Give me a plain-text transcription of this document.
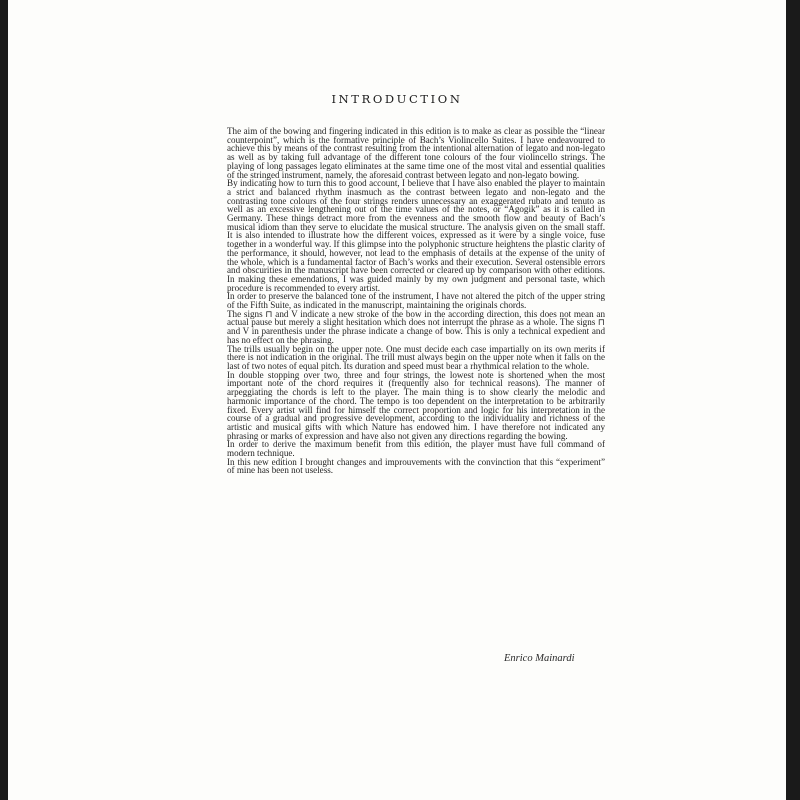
INTRODUCTION

The aim of the bowing and fingering indicated in this edition is to make as clear as possible the “linear counterpoint”, which is the formative principle of Bach’s Violincello Suites. I have endeavoured to achieve this by means of the contrast resulting from the intentional alternation of legato and non-legato as well as by taking full advantage of the different tone colours of the four violincello strings. The playing of long passages legato eliminates at the same time one of the most vital and essential qualities of the stringed instrument, namely, the aforesaid contrast between legato and non-legato bowing.

By indicating how to turn this to good account, I believe that I have also enabled the player to maintain a strict and balanced rhythm inasmuch as the contrast between legato and non-legato and the contrasting tone colours of the four strings renders unnecessary an exaggerated rubato and tenuto as well as an excessive lengthening out of the time values of the notes, or “Agogik” as it is called in Germany. These things detract more from the evenness and the smooth flow and beauty of Bach’s musical idiom than they serve to elucidate the musical structure. The analysis given on the small staff. It is also intended to illustrate how the different voices, expressed as it were by a single voice, fuse together in a wonderful way. If this glimpse into the polyphonic structure heightens the plastic clarity of the performance, it should, however, not lead to the emphasis of details at the expense of the unity of the whole, which is a fundamental factor of Bach’s works and their execution. Several ostensible errors and obscurities in the manuscript have been corrected or cleared up by comparison with other editions. In making these emendations, I was guided mainly by my own judgment and personal taste, which procedure is recommended to every artist.

In order to preserve the balanced tone of the instrument, I have not altered the pitch of the upper string of the Fifth Suite, as indicated in the manuscript, maintaining the originals chords.

The signs ⊓ and V indicate a new stroke of the bow in the according direction, this does not mean an actual pause but merely a slight hesitation which does not interrupt the phrase as a whole. The signs ⊓ and V in parenthesis under the phrase indicate a change of bow. This is only a technical expedient and has no effect on the phrasing.

The trills usually begin on the upper note. One must decide each case impartially on its own merits if there is not indication in the original. The trill must always begin on the upper note when it falls on the last of two notes of equal pitch. Its duration and speed must bear a rhythmical relation to the whole.

In double stopping over two, three and four strings, the lowest note is shortened when the most important note of the chord requires it (frequently also for technical reasons). The manner of arpeggiating the chords is left to the player. The main thing is to show clearly the melodic and harmonic importance of the chord. The tempo is too dependent on the interpretation to be arbitrarily fixed. Every artist will find for himself the correct proportion and logic for his interpretation in the course of a gradual and progressive development, according to the individuality and richness of the artistic and musical gifts with which Nature has endowed him. I have therefore not indicated any phrasing or marks of expression and have also not given any directions regarding the bowing.

In order to derive the maximum benefit from this edition, the player must have full command of modern technique.

In this new edition I brought changes and improuvements with the convinction that this “experiment” of mine has been not useless.

Enrico Mainardi
